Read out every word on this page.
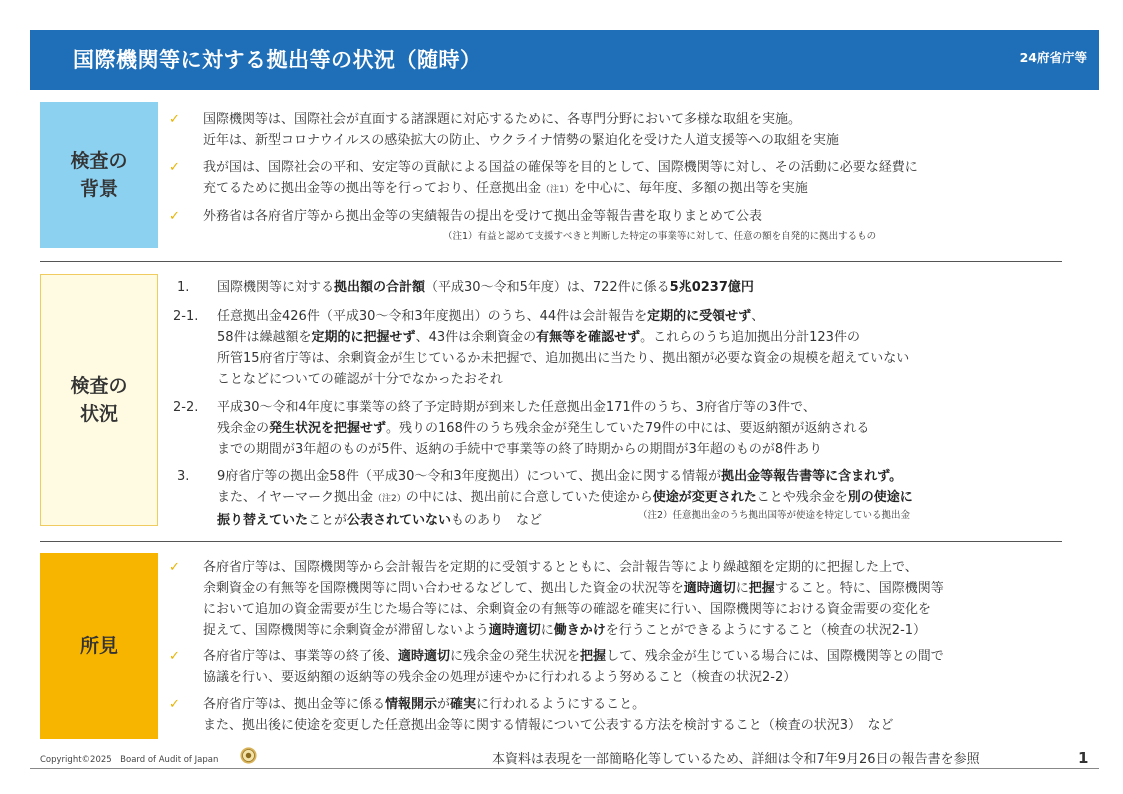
国際機関等に対する拠出等の状況（随時）	24府省庁等
検査の
背景
✓ 国際機関等は、国際社会が直面する諸課題に対応するために、各専門分野において多様な取組を実施。
近年は、新型コロナウイルスの感染拡大の防止、ウクライナ情勢の緊迫化を受けた人道支援等への取組を実施
✓ 我が国は、国際社会の平和、安定等の貢献による国益の確保等を目的として、国際機関等に対し、その活動に必要な経費に
充てるために拠出金等の拠出等を行っており、任意拠出金（注1）を中心に、毎年度、多額の拠出等を実施
✓ 外務省は各府省庁等から拠出金等の実績報告の提出を受けて拠出金等報告書を取りまとめて公表
（注1）有益と認めて支援すべきと判断した特定の事業等に対して、任意の額を自発的に拠出するもの
検査の
状況
1. 国際機関等に対する拠出額の合計額（平成30～令和5年度）は、722件に係る5兆0237億円
2-1. 任意拠出金426件（平成30～令和3年度拠出）のうち、44件は会計報告を定期的に受領せず、
58件は繰越額を定期的に把握せず、43件は余剰資金の有無等を確認せず。これらのうち追加拠出分計123件の
所管15府省庁等は、余剰資金が生じているか未把握で、追加拠出に当たり、拠出額が必要な資金の規模を超えていない
ことなどについての確認が十分でなかったおそれ
2-2. 平成30～令和4年度に事業等の終了予定時期が到来した任意拠出金171件のうち、3府省庁等の3件で、
残余金の発生状況を把握せず。残りの168件のうち残余金が発生していた79件の中には、要返納額が返納される
までの期間が3年超のものが5件、返納の手続中で事業等の終了時期からの期間が3年超のものが8件あり
3. 9府省庁等の拠出金58件（平成30～令和3年度拠出）について、拠出金に関する情報が拠出金等報告書等に含まれず。
また、イヤーマーク拠出金（注2）の中には、拠出前に合意していた使途から使途が変更されたことや残余金を別の使途に
振り替えていたことが公表されていないものあり　など	（注2）任意拠出金のうち拠出国等が使途を特定している拠出金
所見
✓ 各府省庁等は、国際機関等から会計報告を定期的に受領するとともに、会計報告等により繰越額を定期的に把握した上で、
余剰資金の有無等を国際機関等に問い合わせるなどして、拠出した資金の状況等を適時適切に把握すること。特に、国際機関等
において追加の資金需要が生じた場合等には、余剰資金の有無等の確認を確実に行い、国際機関等における資金需要の変化を
捉えて、国際機関等に余剰資金が滞留しないよう適時適切に働きかけを行うことができるようにすること（検査の状況2-1）
✓ 各府省庁等は、事業等の終了後、適時適切に残余金の発生状況を把握して、残余金が生じている場合には、国際機関等との間で
協議を行い、要返納額の返納等の残余金の処理が速やかに行われるよう努めること（検査の状況2-2）
✓ 各府省庁等は、拠出金等に係る情報開示が確実に行われるようにすること。
また、拠出後に使途を変更した任意拠出金等に関する情報について公表する方法を検討すること（検査の状況3）　など
Copyright©2025　Board of Audit of Japan	本資料は表現を一部簡略化等しているため、詳細は令和7年9月26日の報告書を参照	1
